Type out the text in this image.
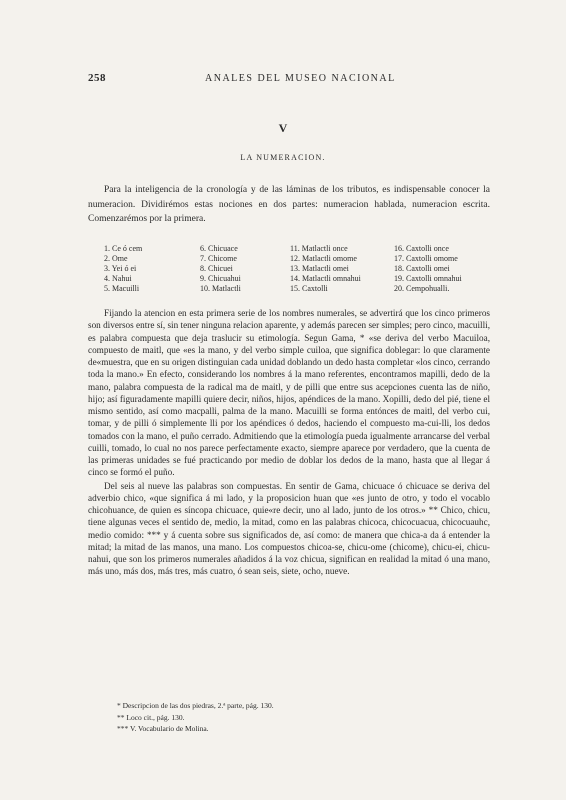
258	ANALES DEL MUSEO NACIONAL
V
LA NUMERACION.

Para la inteligencia de la cronología y de las láminas de los tributos, es indispensable conocer la numeracion. Dividirémos estas nociones en dos partes: numeracion hablada, numeracion escrita. Comenzarémos por la primera.

1. Ce ó cem
2. Ome
3. Yei ó ei
4. Nahui
5. Macuilli
6. Chicuace
7. Chicome
8. Chicuei
9. Chicuahui
10. Matlactli
11. Matlactli once
12. Matlactli omome
13. Matlactli omei
14. Matlactli omnahui
15. Caxtolli
16. Caxtolli once
17. Caxtolli omome
18. Caxtolli omei
19. Caxtolli omnahui
20. Cempohualli.

Fijando la atencion en esta primera serie de los nombres numerales, se advertirá que los cinco primeros son diversos entre sí, sin tener ninguna relacion aparente, y además parecen ser simples; pero cinco, macuilli, es palabra compuesta que deja traslucir su etimología. Segun Gama, * «se deriva del verbo Macuiloa, compuesto de maitl, que «es la mano, y del verbo simple cuiloa, que significa doblegar: lo que claramente de«muestra, que en su origen distinguian cada unidad doblando un dedo hasta completar «los cinco, cerrando toda la mano.» En efecto, considerando los nombres á la mano referentes, encontramos mapilli, dedo de la mano, palabra compuesta de la radical ma de maitl, y de pilli que entre sus acepciones cuenta las de niño, hijo; así figuradamente mapilli quiere decir, niños, hijos, apéndices de la mano. Xopilli, dedo del pié, tiene el mismo sentido, así como macpalli, palma de la mano. Macuilli se forma entónces de maitl, del verbo cui, tomar, y de pilli ó simplemente lli por los apéndices ó dedos, haciendo el compuesto ma-cui-lli, los dedos tomados con la mano, el puño cerrado. Admitiendo que la etimología pueda igualmente arrancarse del verbal cuilli, tomado, lo cual no nos parece perfectamente exacto, siempre aparece por verdadero, que la cuenta de las primeras unidades se fué practicando por medio de doblar los dedos de la mano, hasta que al llegar á cinco se formó el puño.

Del seis al nueve las palabras son compuestas. En sentir de Gama, chicuace ó chicuace se deriva del adverbio chico, «que significa á mi lado, y la proposicion huan que «es junto de otro, y todo el vocablo chicohuance, de quien es síncopa chicuace, quie«re decir, uno al lado, junto de los otros.» ** Chico, chicu, tiene algunas veces el sentido de, medio, la mitad, como en las palabras chicoca, chicocuacua, chicocuauhc, medio comido: *** y á cuenta sobre sus significados de, así como: de manera que chica-a da á entender la mitad; la mitad de las manos, una mano. Los compuestos chicoa-se, chicu-ome (chicome), chicu-ei, chicu-nahui, que son los primeros numerales añadidos á la voz chicua, significan en realidad la mitad ó una mano, más uno, más dos, más tres, más cuatro, ó sean seis, siete, ocho, nueve.

* Descripcion de las dos piedras, 2.ª parte, pág. 130.
** Loco cit., pág. 130.
*** V. Vocabulario de Molina.
